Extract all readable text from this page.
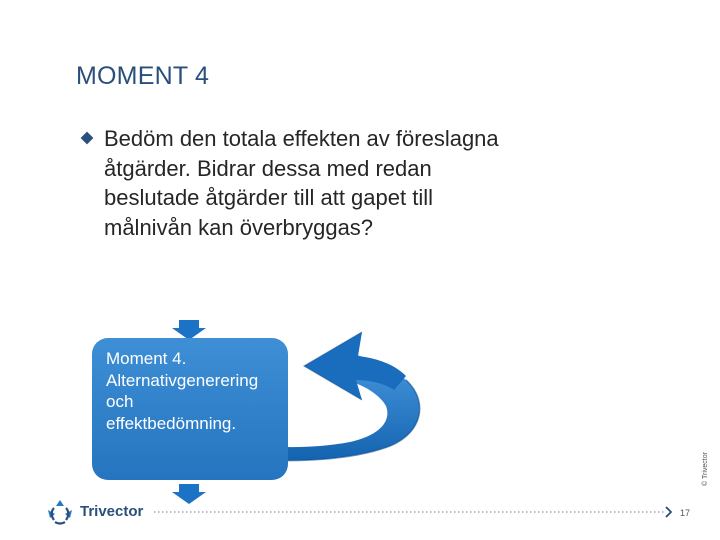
MOMENT 4
Bedöm den totala effekten av föreslagna åtgärder. Bidrar dessa med redan beslutade åtgärder till att gapet till målnivån kan överbryggas?
Moment 4.
Alternativgenerering
och
effektbedömning.
© Trivector
Trivector	17
